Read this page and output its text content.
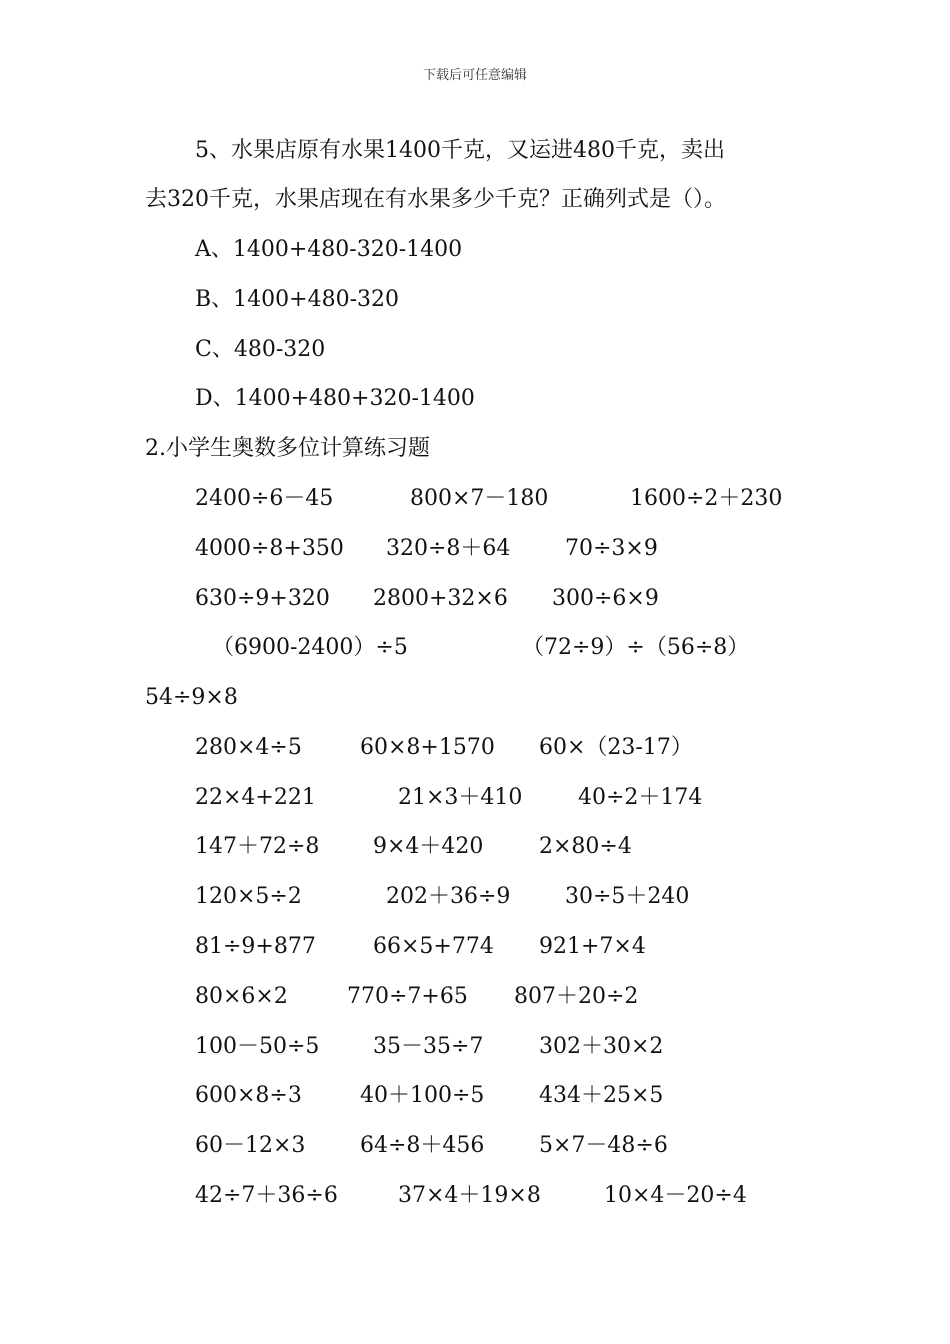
下载后可任意编辑
5、水果店原有水果1400千克，又运进480千克，卖出
去320千克，水果店现在有水果多少千克？正确列式是（）。
A、1400+480-320-1400
B、1400+480-320
C、480-320
D、1400+480+320-1400
2.小学生奥数多位计算练习题
2400÷6－45	800×7－180	1600÷2＋230
4000÷8+350 320÷8＋64 70÷3×9
630÷9+320 2800+32×6 300÷6×9
（6900-2400）÷5	（72÷9）÷（56÷8）
54÷9×8
280×4÷5	60×8+1570 60×（23-17）
22×4+221	21×3＋410	40÷2＋174
147＋72÷8 9×4＋420	2×80÷4
120×5÷2	202＋36÷9 30÷5＋240
81÷9+877	66×5+774 921+7×4
80×6×2	770÷7+65 807＋20÷2
100－50÷5 35－35÷7	302＋30×2
600×8÷3	40＋100÷5 434＋25×5
60－12×3 64÷8＋456 5×7－48÷6
42÷7＋36÷6	37×4＋19×8	10×4－20÷4
